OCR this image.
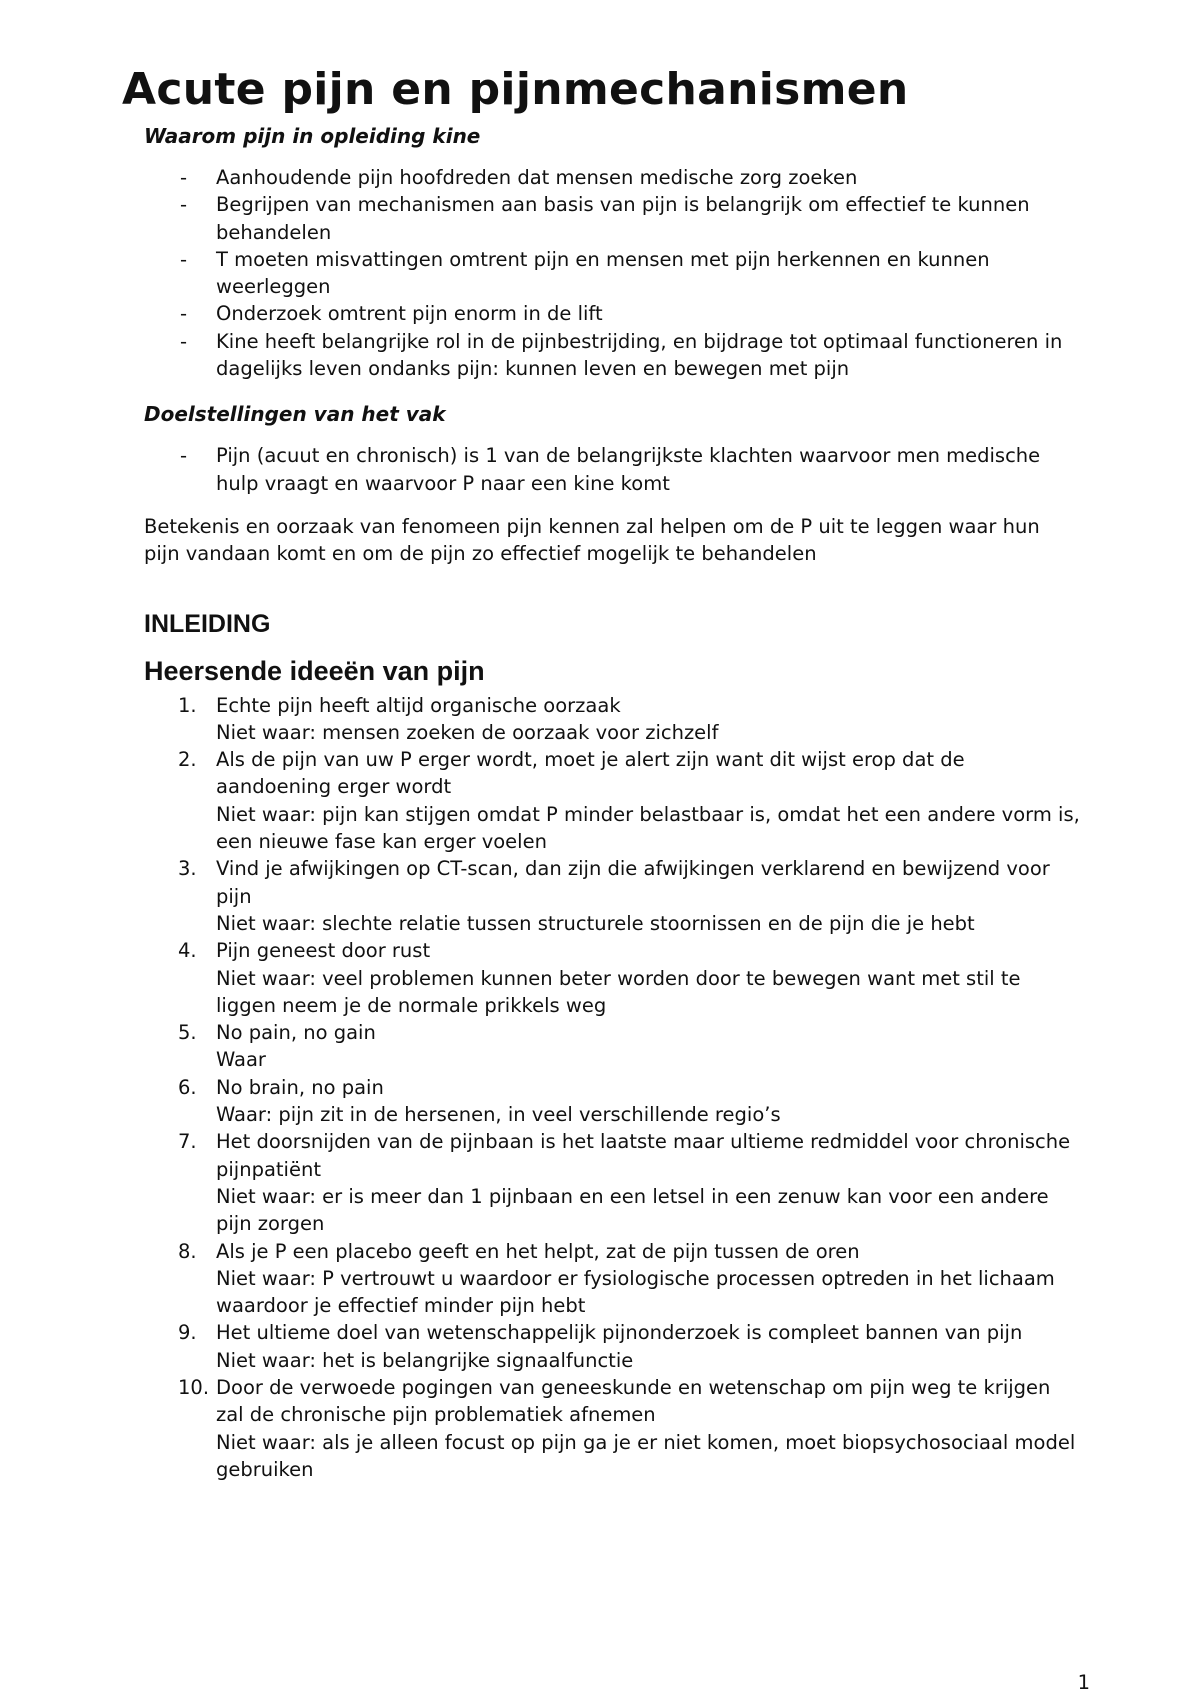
Acute pijn en pijnmechanismen
Waarom pijn in opleiding kine
- Aanhoudende pijn hoofdreden dat mensen medische zorg zoeken
- Begrijpen van mechanismen aan basis van pijn is belangrijk om effectief te kunnen behandelen
- T moeten misvattingen omtrent pijn en mensen met pijn herkennen en kunnen weerleggen
- Onderzoek omtrent pijn enorm in de lift
- Kine heeft belangrijke rol in de pijnbestrijding, en bijdrage tot optimaal functioneren in dagelijks leven ondanks pijn: kunnen leven en bewegen met pijn
Doelstellingen van het vak
- Pijn (acuut en chronisch) is 1 van de belangrijkste klachten waarvoor men medische hulp vraagt en waarvoor P naar een kine komt

Betekenis en oorzaak van fenomeen pijn kennen zal helpen om de P uit te leggen waar hun pijn vandaan komt en om de pijn zo effectief mogelijk te behandelen

INLEIDING
Heersende ideeën van pijn
1. Echte pijn heeft altijd organische oorzaak
Niet waar: mensen zoeken de oorzaak voor zichzelf
2. Als de pijn van uw P erger wordt, moet je alert zijn want dit wijst erop dat de aandoening erger wordt
Niet waar: pijn kan stijgen omdat P minder belastbaar is, omdat het een andere vorm is, een nieuwe fase kan erger voelen
3. Vind je afwijkingen op CT-scan, dan zijn die afwijkingen verklarend en bewijzend voor pijn
Niet waar: slechte relatie tussen structurele stoornissen en de pijn die je hebt
4. Pijn geneest door rust
Niet waar: veel problemen kunnen beter worden door te bewegen want met stil te liggen neem je de normale prikkels weg
5. No pain, no gain
Waar
6. No brain, no pain
Waar: pijn zit in de hersenen, in veel verschillende regio’s
7. Het doorsnijden van de pijnbaan is het laatste maar ultieme redmiddel voor chronische pijnpatiënt
Niet waar: er is meer dan 1 pijnbaan en een letsel in een zenuw kan voor een andere pijn zorgen
8. Als je P een placebo geeft en het helpt, zat de pijn tussen de oren
Niet waar: P vertrouwt u waardoor er fysiologische processen optreden in het lichaam waardoor je effectief minder pijn hebt
9. Het ultieme doel van wetenschappelijk pijnonderzoek is compleet bannen van pijn
Niet waar: het is belangrijke signaalfunctie
10. Door de verwoede pogingen van geneeskunde en wetenschap om pijn weg te krijgen zal de chronische pijn problematiek afnemen
Niet waar: als je alleen focust op pijn ga je er niet komen, moet biopsychosociaal model gebruiken
1
